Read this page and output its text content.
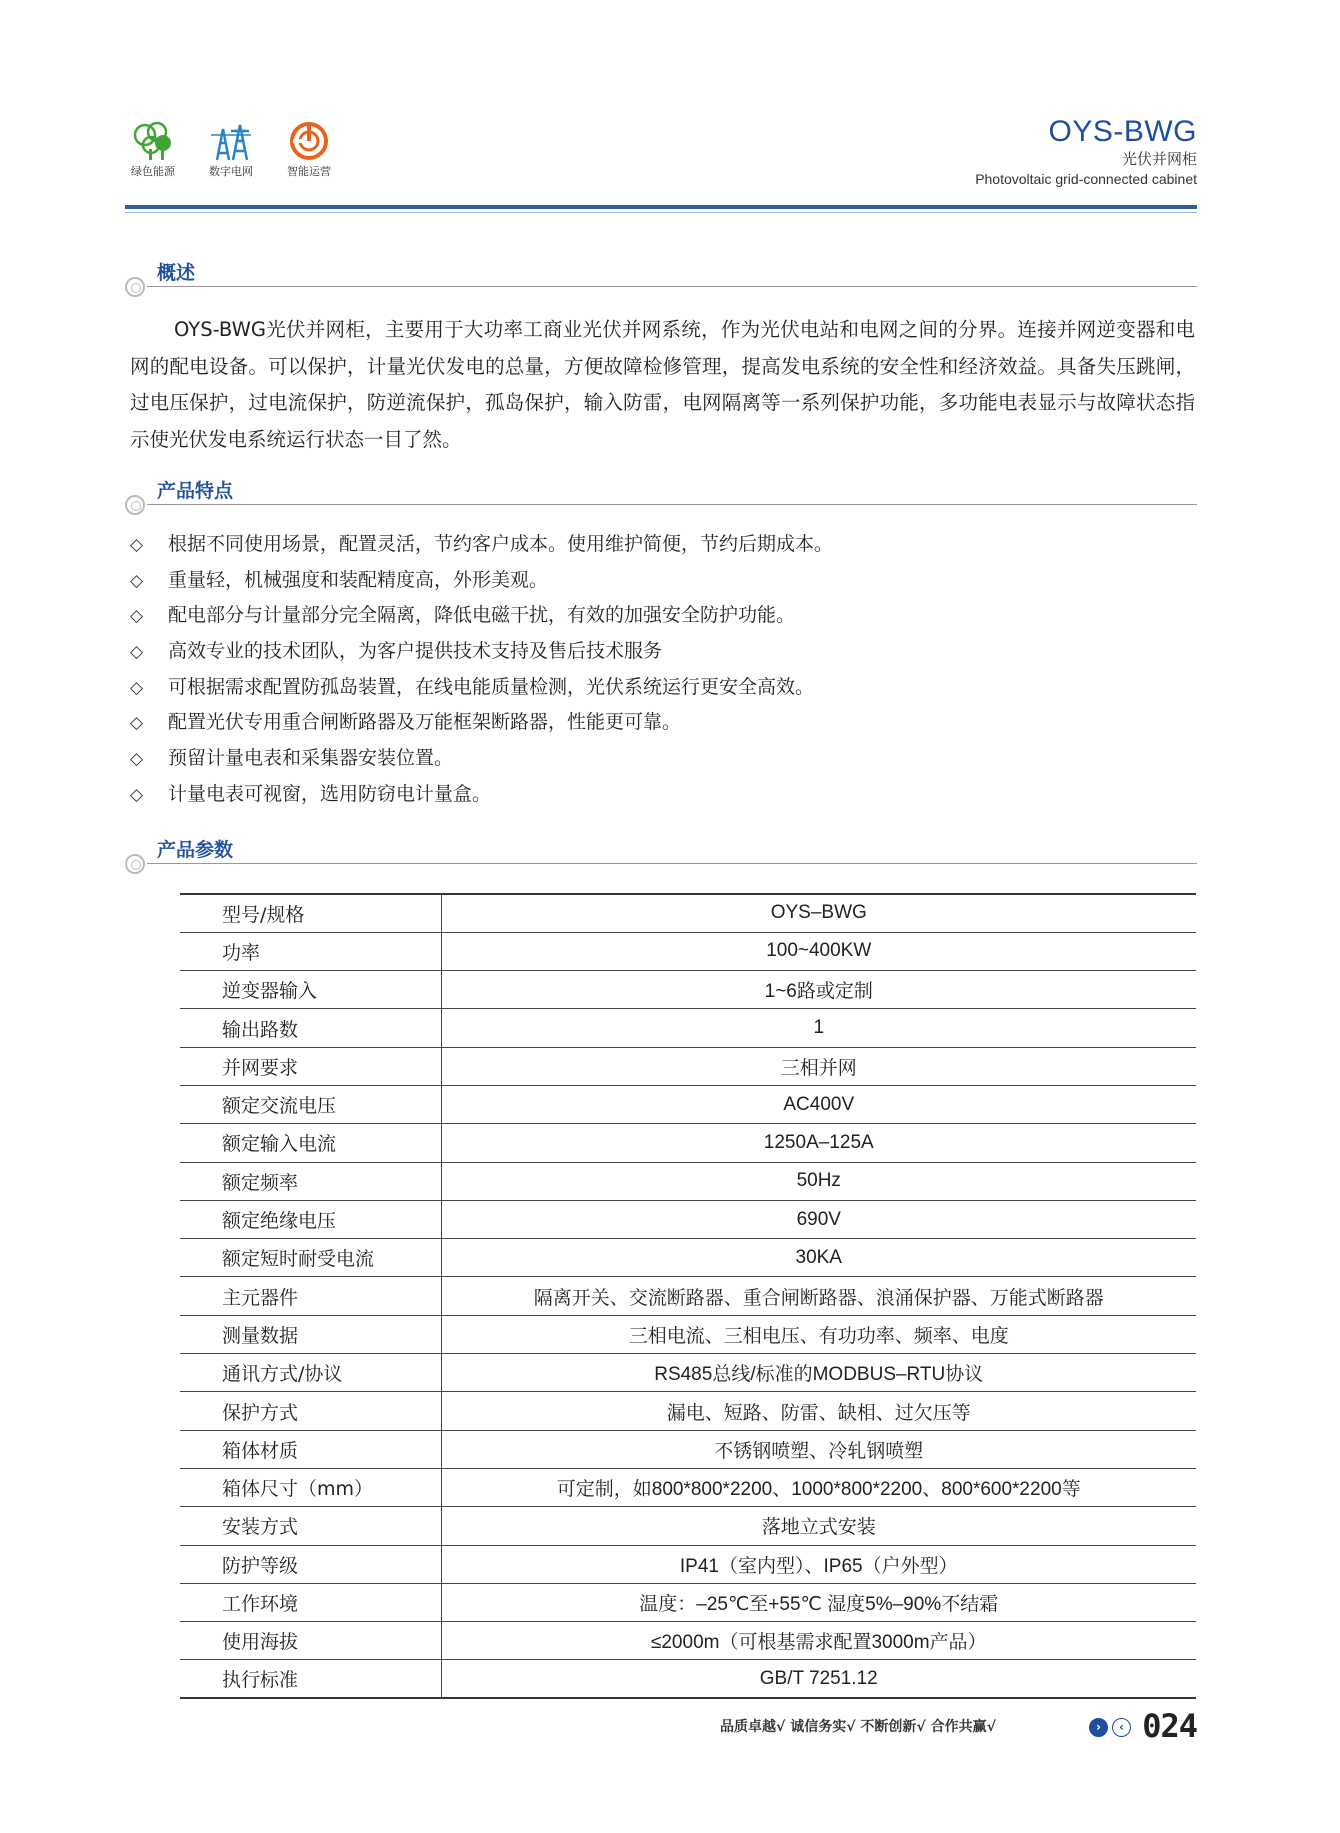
绿色能源	数字电网	智能运营
OYS-BWG
光伏并网柜
Photovoltaic grid-connected cabinet
概述

OYS-BWG光伏并网柜，主要用于大功率工商业光伏并网系统，作为光伏电站和电网之间的分界。连接并网逆变器和电网的配电设备。可以保护，计量光伏发电的总量，方便故障检修管理，提高发电系统的安全性和经济效益。具备失压跳闸，过电压保护，过电流保护，防逆流保护，孤岛保护，输入防雷，电网隔离等一系列保护功能，多功能电表显示与故障状态指示使光伏发电系统运行状态一目了然。

产品特点
◇ 根据不同使用场景，配置灵活，节约客户成本。使用维护简便，节约后期成本。
◇ 重量轻，机械强度和装配精度高，外形美观。
◇ 配电部分与计量部分完全隔离，降低电磁干扰，有效的加强安全防护功能。
◇ 高效专业的技术团队，为客户提供技术支持及售后技术服务
◇ 可根据需求配置防孤岛装置，在线电能质量检测，光伏系统运行更安全高效。
◇ 配置光伏专用重合闸断路器及万能框架断路器，性能更可靠。
◇ 预留计量电表和采集器安装位置。
◇ 计量电表可视窗，选用防窃电计量盒。
产品参数
型号/规格	OYS–BWG
功率	100~400KW
逆变器输入	1~6路或定制
输出路数	1
并网要求	三相并网
额定交流电压	AC400V
额定输入电流	1250A–125A
额定频率	50Hz
额定绝缘电压	690V
额定短时耐受电流	30KA
主元器件	隔离开关、交流断路器、重合闸断路器、浪涌保护器、万能式断路器
测量数据	三相电流、三相电压、有功功率、频率、电度
通讯方式/协议	RS485总线/标准的MODBUS–RTU协议
保护方式	漏电、短路、防雷、缺相、过欠压等
箱体材质	不锈钢喷塑、冷轧钢喷塑
箱体尺寸（mm）	可定制，如800*800*2200、1000*800*2200、800*600*2200等
安装方式	落地立式安装
防护等级	IP41（室内型）、IP65（户外型）
工作环境	温度：–25℃至+55℃ 湿度5%–90%不结霜
使用海拔	≤2000m（可根基需求配置3000m产品）
执行标准	GB/T 7251.12
品质卓越√ 诚信务实√ 不断创新√ 合作共赢√	›	‹ 024
